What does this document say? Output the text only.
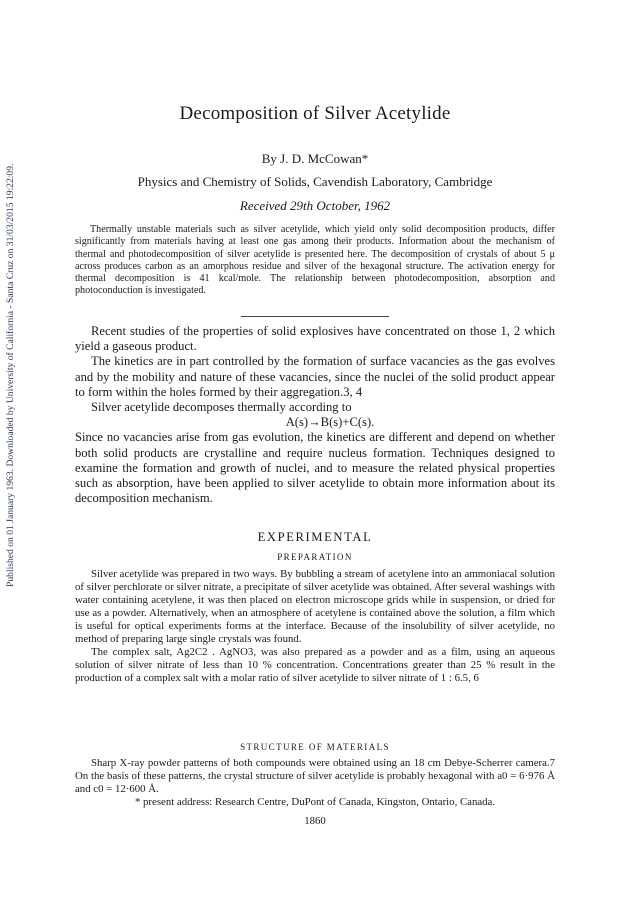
Published on 01 January 1963. Downloaded by University of California - Santa Cruz on 31/03/2015 19:22:09.
Decomposition of Silver Acetylide
By J. D. McCowan*
Physics and Chemistry of Solids, Cavendish Laboratory, Cambridge
Received 29th October, 1962

Thermally unstable materials such as silver acetylide, which yield only solid decomposition products, differ significantly from materials having at least one gas among their products. Information about the mechanism of thermal and photodecomposition of silver acetylide is presented here. The decomposition of crystals of about 5 μ across produces carbon as an amorphous residue and silver of the hexagonal structure. The activation energy for thermal decomposition is 41 kcal/mole. The relationship between photodecomposition, absorption and photoconduction is investigated.

Recent studies of the properties of solid explosives have concentrated on those 1, 2 which yield a gaseous product.

The kinetics are in part controlled by the formation of surface vacancies as the gas evolves and by the mobility and nature of these vacancies, since the nuclei of the solid product appear to form within the holes formed by their aggregation.3, 4

Silver acetylide decomposes thermally according to

A(s)→B(s)+C(s).

Since no vacancies arise from gas evolution, the kinetics are different and depend on whether both solid products are crystalline and require nucleus formation. Techniques designed to examine the formation and growth of nuclei, and to measure the related physical properties such as absorption, have been applied to silver acetylide to obtain more information about its decomposition mechanism.

EXPERIMENTAL

PREPARATION

Silver acetylide was prepared in two ways. By bubbling a stream of acetylene into an ammoniacal solution of silver perchlorate or silver nitrate, a precipitate of silver acetylide was obtained. After several washings with water containing acetylene, it was then placed on electron microscope grids while in suspension, or dried for use as a powder. Alternatively, when an atmosphere of acetylene is contained above the solution, a film which is useful for optical experiments forms at the interface. Because of the insolubility of silver acetylide, no method of preparing large single crystals was found.

The complex salt, Ag2C2 . AgNO3, was also prepared as a powder and as a film, using an aqueous solution of silver nitrate of less than 10 % concentration. Concentrations greater than 25 % result in the production of a complex salt with a molar ratio of silver acetylide to silver nitrate of 1 : 6.5, 6

STRUCTURE OF MATERIALS

Sharp X-ray powder patterns of both compounds were obtained using an 18 cm Debye-Scherrer camera.7 On the basis of these patterns, the crystal structure of silver acetylide is probably hexagonal with a0 = 6·976 Å and c0 = 12·600 Å.

* present address: Research Centre, DuPont of Canada, Kingston, Ontario, Canada.
1860
